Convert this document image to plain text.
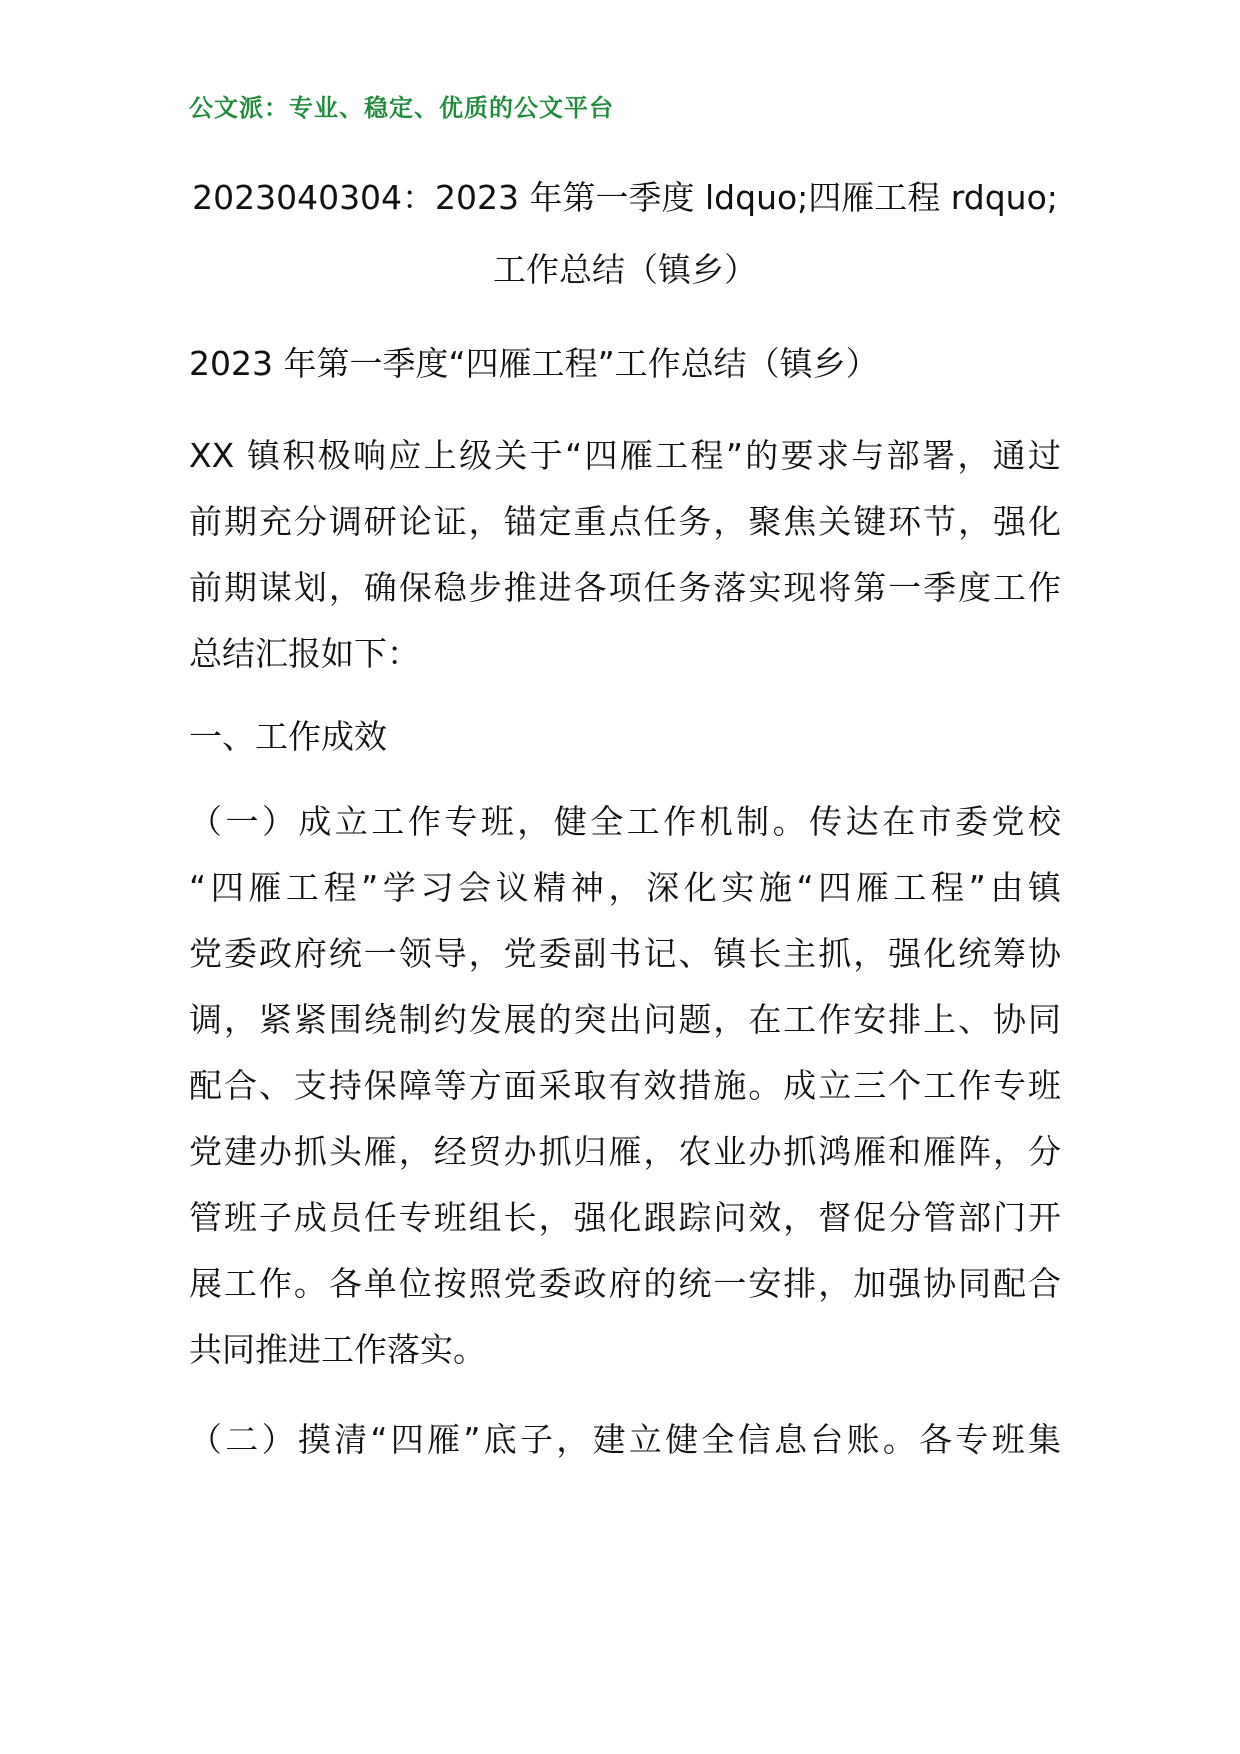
公文派：专业、稳定、优质的公文平台
2023040304：2023 年第一季度 ldquo;四雁工程 rdquo;
工作总结（镇乡）
2023 年第一季度“四雁工程”工作总结（镇乡）
XX 镇积极响应上级关于“四雁工程”的要求与部署，通过
前期充分调研论证，锚定重点任务，聚焦关键环节，强化
前期谋划，确保稳步推进各项任务落实现将第一季度工作
总结汇报如下：
一、工作成效
（一）成立工作专班，健全工作机制。传达在市委党校
“四雁工程”学习会议精神，深化实施“四雁工程”由镇
党委政府统一领导，党委副书记、镇长主抓，强化统筹协
调，紧紧围绕制约发展的突出问题，在工作安排上、协同
配合、支持保障等方面采取有效措施。成立三个工作专班
党建办抓头雁，经贸办抓归雁，农业办抓鸿雁和雁阵，分
管班子成员任专班组长，强化跟踪问效，督促分管部门开
展工作。各单位按照党委政府的统一安排，加强协同配合
共同推进工作落实。
（二）摸清“四雁”底子，建立健全信息台账。各专班集
